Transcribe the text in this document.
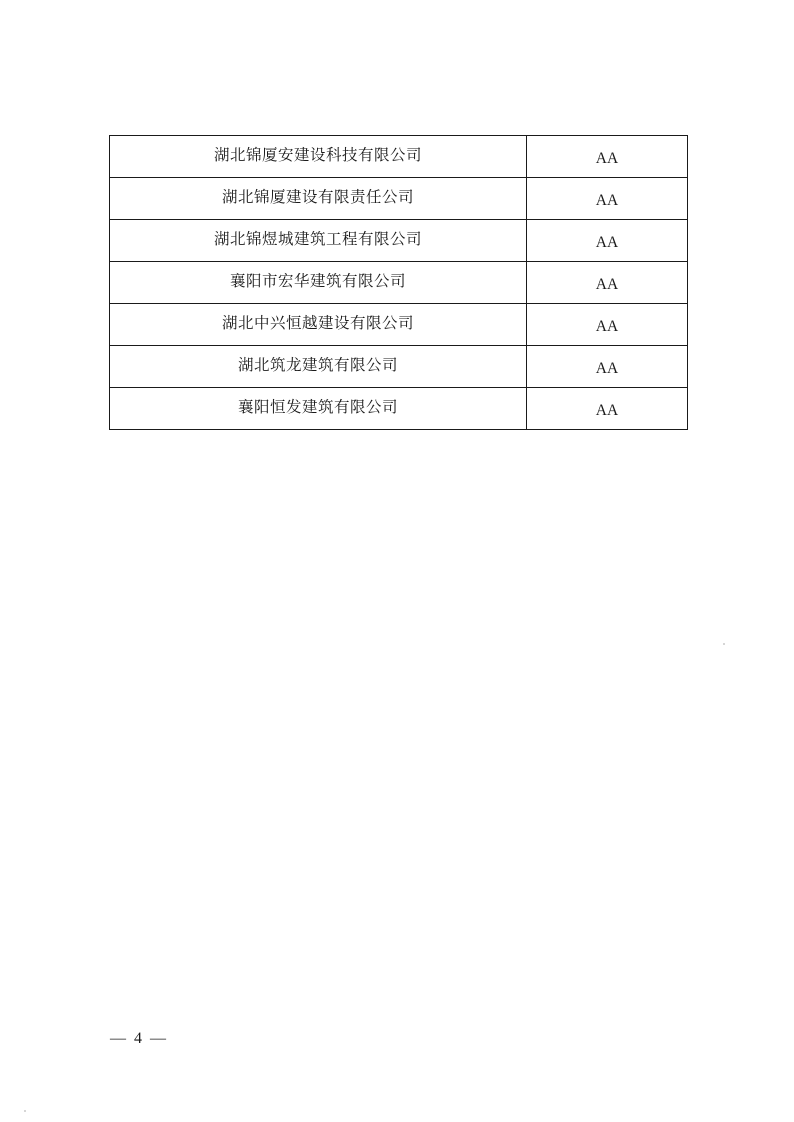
湖北锦厦安建设科技有限公司	AA

湖北锦厦建设有限责任公司	AA

湖北锦煜城建筑工程有限公司	AA

襄阳市宏华建筑有限公司	AA

湖北中兴恒越建设有限公司	AA

湖北筑龙建筑有限公司	AA

襄阳恒发建筑有限公司	AA
— 4 —
